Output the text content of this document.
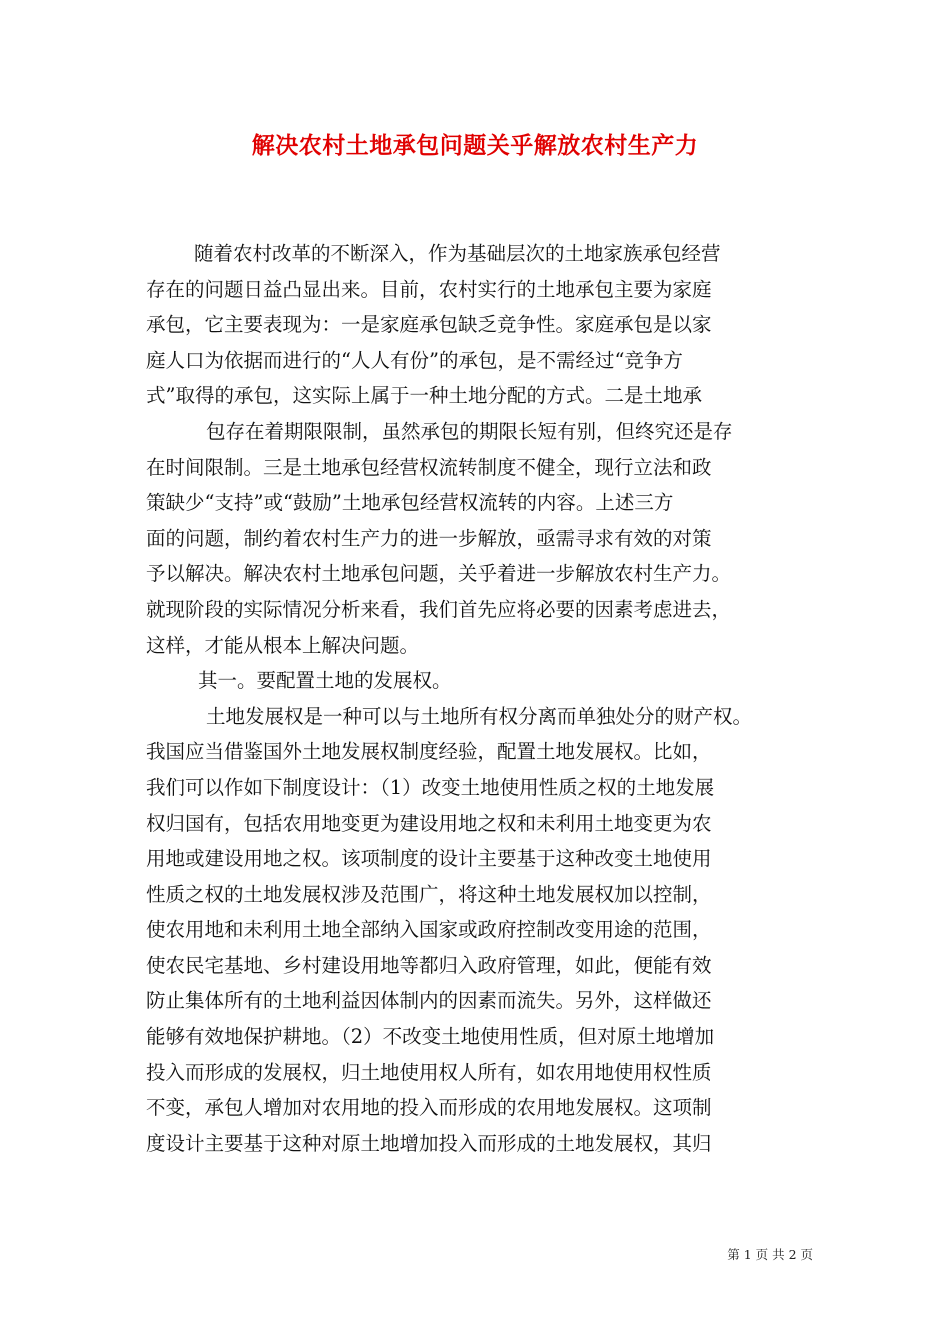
解决农村土地承包问题关乎解放农村生产力
随着农村改革的不断深入，作为基础层次的土地家族承包经营
存在的问题日益凸显出来。目前，农村实行的土地承包主要为家庭
承包，它主要表现为：一是家庭承包缺乏竞争性。家庭承包是以家
庭人口为依据而进行的“人人有份”的承包，是不需经过“竞争方
式”取得的承包，这实际上属于一种土地分配的方式。二是土地承
包存在着期限限制，虽然承包的期限长短有别，但终究还是存
在时间限制。三是土地承包经营权流转制度不健全，现行立法和政
策缺少“支持”或“鼓励”土地承包经营权流转的内容。上述三方
面的问题，制约着农村生产力的进一步解放，亟需寻求有效的对策
予以解决。解决农村土地承包问题，关乎着进一步解放农村生产力。
就现阶段的实际情况分析来看，我们首先应将必要的因素考虑进去，
这样，才能从根本上解决问题。
其一。要配置土地的发展权。
土地发展权是一种可以与土地所有权分离而单独处分的财产权。
我国应当借鉴国外土地发展权制度经验，配置土地发展权。比如，
我们可以作如下制度设计：（1）改变土地使用性质之权的土地发展
权归国有，包括农用地变更为建设用地之权和未利用土地变更为农
用地或建设用地之权。该项制度的设计主要基于这种改变土地使用
性质之权的土地发展权涉及范围广，将这种土地发展权加以控制，
使农用地和未利用土地全部纳入国家或政府控制改变用途的范围，
使农民宅基地、乡村建设用地等都归入政府管理，如此，便能有效
防止集体所有的土地利益因体制内的因素而流失。另外，这样做还
能够有效地保护耕地。（2）不改变土地使用性质，但对原土地增加
投入而形成的发展权，归土地使用权人所有，如农用地使用权性质
不变，承包人增加对农用地的投入而形成的农用地发展权。这项制
度设计主要基于这种对原土地增加投入而形成的土地发展权，其归
第 1 页 共 2 页
